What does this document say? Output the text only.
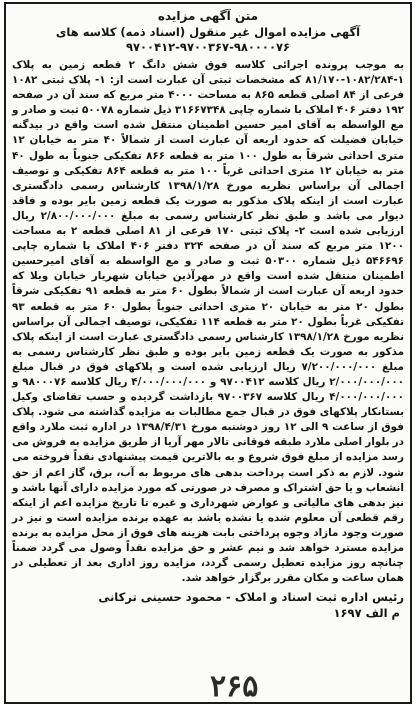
متن آگهی مزایده
آگهی مزایده اموال غیر منقول (اسناد ذمه) کلاسه های ۹۸۰۰۰۰۷۶-۹۷۰۰۳۶۷-۹۷۰۰۴۱۲
به موجب پرونده اجرائی کلاسه فوق شش دانگ ۲ قطعه زمین به پلاک ۱-۱۰۸۲/۲۸۴-۸۱/۱۷۰ که مشخصات ثبتی آن عبارت است از: ۱- پلاک ثبتی ۱۰۸۲ فرعی از ۸۴ اصلی قطعه ۸۶۵ به مساحت ۴۰۰۰ متر مربع که سند آن در صفحه ۱۹۲ دفتر ۴۰۶ املاک با شماره چاپی ۳۱۶۶۷۳۴۸ ذیل شماره ۵۰۰۷۸ ثبت و صادر و مع الواسطه به آقای امیر حسین اطمینان منتقل شده است واقع در بیدگنه خیابان فضیلت که حدود اربعه آن عبارت است از شمالاً ۴۰ متر به خیابان ۱۲ متری احداثی شرقاً به طول ۱۰۰ متر به قطعه ۸۶۶ تفکیکی جنوباً به طول ۴۰ متر به خیابان ۱۲ متری احداثی غرباً ۱۰۰ متر به قطعه ۸۶۴ تفکیکی و توصیف اجمالی آن براساس نظریه مورخ ۱۳۹۸/۱/۲۸ کارشناس رسمی دادگستری عبارت است از اینکه پلاک مذکور به صورت یک قطعه زمین بایر بوده و فاقد دیوار می باشد و طبق نظر کارشناس رسمی به مبلغ ۲/۸۰۰/۰۰۰/۰۰۰ ریال ارزیابی شده است ۲- پلاک ثبتی ۱۷۰ فرعی از ۸۱ اصلی قطعه ۲ به مساحت ۱۲۰۰ متر مربع که سند آن در صفحه ۳۲۴ دفتر ۴۰۶ املاک با شماره چاپی ۵۴۶۶۹۶ ذیل شماره ۵۰۳۰۰ ثبت و صادر و مع الواسطه به آقای امیرحسین اطمینان منتقل شده است واقع در مهرآذین خیابان شهریار خیابان ویلا که حدود اربعه آن عبارت است از شمالاً بطول ۶۰ متر به قطعه ۹۱ تفکیکی شرقاً بطول ۲۰ متر به خیابان ۲۰ متری احداثی جنوباً بطول ۶۰ متر به قطعه ۹۳ تفکیکی غرباً بطول ۲۰ متر به قطعه ۱۱۴ تفکیکی، توصیف اجمالی آن براساس نظریه مورخ ۱۳۹۸/۱/۲۸ کارشناس رسمی دادگستری عبارت است از اینکه پلاک مذکور به صورت یک قطعه زمین بایر بوده و طبق نظر کارشناس رسمی به مبلغ ۷/۲۰۰/۰۰۰/۰۰۰ ریال ارزیابی شده است و پلاکهای فوق در قبال مبلغ ۲/۰۰۰/۰۰۰/۰۰۰ ریال کلاسه ۹۷۰۰۴۱۲ و ۴/۰۰۰/۰۰۰/۰۰۰ ریال کلاسه ۹۸۰۰۰۷۶ و ۴/۰۰۰/۰۰۰/۰۰۰ ریال کلاسه ۹۷۰۰۳۶۷ بازداشت گردیده و حسب تقاضای وکیل بستانکار پلاکهای فوق در قبال جمع مطالبات به مزایده گذاشته می شود. پلاک فوق از ساعت ۹ الی ۱۲ روز دوشنبه مورخ ۱۳۹۸/۴/۳۱ در اداره ثبت ملارد واقع در بلوار اصلی ملارد طبقه فوقانی تالار مهر آریا از طریق مزایده به فروش می رسد مزایده از مبلغ فوق شروع و به بالاترین قیمت پیشنهادی نقداً فروخته می شود. لازم به ذکر است پرداخت بدهی های مربوط به آب، برق، گاز اعم از حق انشعاب و یا حق اشتراک و مصرف در صورتی که مورد مزایده دارای آنها باشد و نیز بدهی های مالیاتی و عوارض شهرداری و غیره تا تاریخ مزایده اعم از اینکه رقم قطعی آن معلوم شده یا نشده باشد به عهده برنده مزایده است و نیز در صورت وجود مازاد وجوه پرداختی بابت هزینه های فوق از محل مزایده به برنده مزایده مسترد خواهد شد و نیم عشر و حق مزایده نقداً وصول می گردد ضمناً چنانچه روز مزایده تعطیل رسمی گردد، مزایده روز اداری بعد از تعطیلی در همان ساعت و مکان مقرر برگزار خواهد شد.
رئیس اداره ثبت اسناد و املاک - محمود حسینی ترکانی
م الف ۱۶۹۷
۲۶۵
